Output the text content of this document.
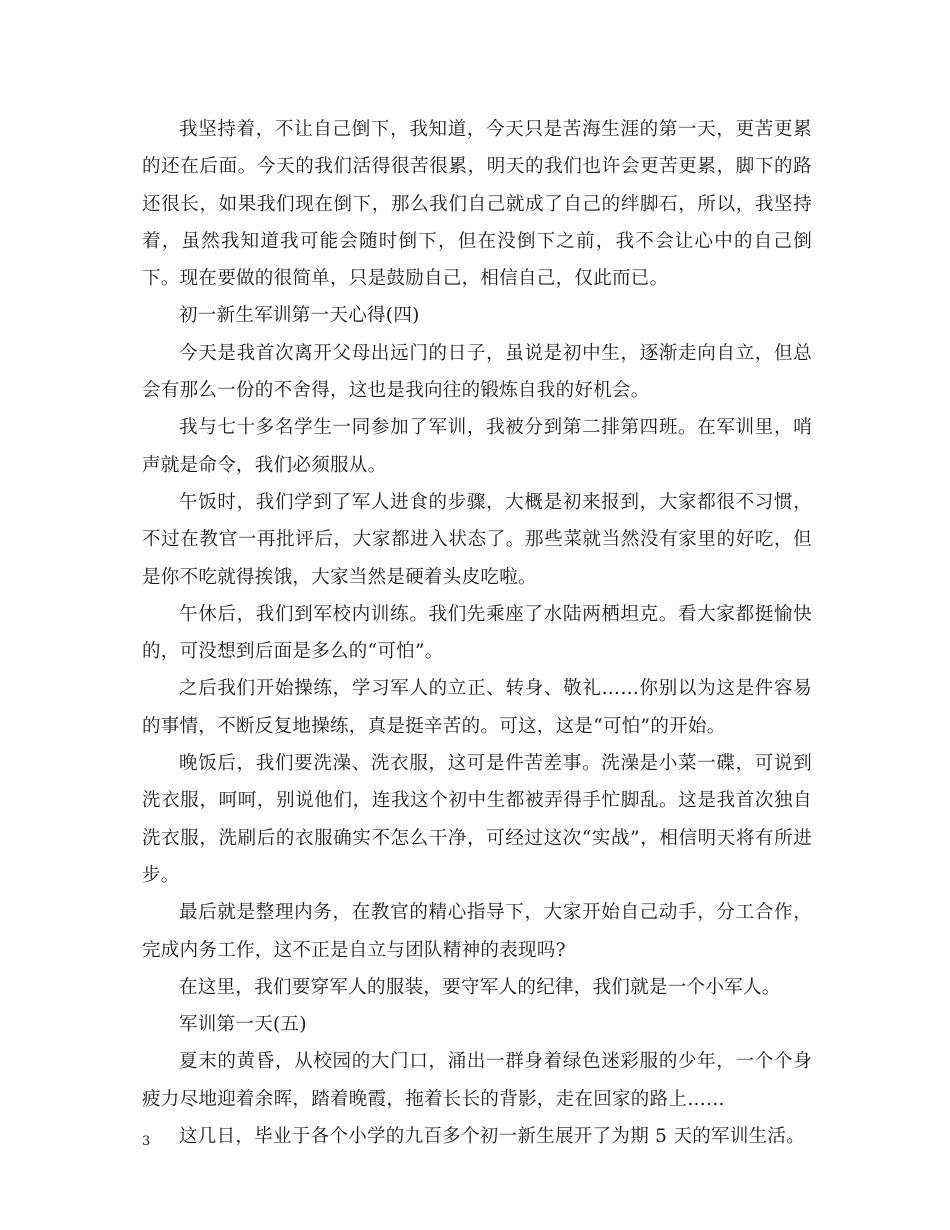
我坚持着，不让自己倒下，我知道，今天只是苦海生涯的第一天，更苦更累的还在后面。今天的我们活得很苦很累，明天的我们也许会更苦更累，脚下的路还很长，如果我们现在倒下，那么我们自己就成了自己的绊脚石，所以，我坚持着，虽然我知道我可能会随时倒下，但在没倒下之前，我不会让心中的自己倒下。现在要做的很简单，只是鼓励自己，相信自己，仅此而已。

初一新生军训第一天心得(四)

今天是我首次离开父母出远门的日子，虽说是初中生，逐渐走向自立，但总会有那么一份的不舍得，这也是我向往的锻炼自我的好机会。

我与七十多名学生一同参加了军训，我被分到第二排第四班。在军训里，哨声就是命令，我们必须服从。

午饭时，我们学到了军人进食的步骤，大概是初来报到，大家都很不习惯，不过在教官一再批评后，大家都进入状态了。那些菜就当然没有家里的好吃，但是你不吃就得挨饿，大家当然是硬着头皮吃啦。

午休后，我们到军校内训练。我们先乘座了水陆两栖坦克。看大家都挺愉快的，可没想到后面是多么的“可怕”。

之后我们开始操练，学习军人的立正、转身、敬礼……你别以为这是件容易的事情，不断反复地操练，真是挺辛苦的。可这，这是“可怕”的开始。

晚饭后，我们要洗澡、洗衣服，这可是件苦差事。洗澡是小菜一碟，可说到洗衣服，呵呵，别说他们，连我这个初中生都被弄得手忙脚乱。这是我首次独自洗衣服，洗刷后的衣服确实不怎么干净，可经过这次“实战”，相信明天将有所进步。

最后就是整理内务，在教官的精心指导下，大家开始自己动手，分工合作，完成内务工作，这不正是自立与团队精神的表现吗?

在这里，我们要穿军人的服装，要守军人的纪律，我们就是一个小军人。

军训第一天(五)

夏末的黄昏，从校园的大门口，涌出一群身着绿色迷彩服的少年，一个个身疲力尽地迎着余晖，踏着晚霞，拖着长长的背影，走在回家的路上……

这几日，毕业于各个小学的九百多个初一新生展开了为期 5 天的军训生活。

3
